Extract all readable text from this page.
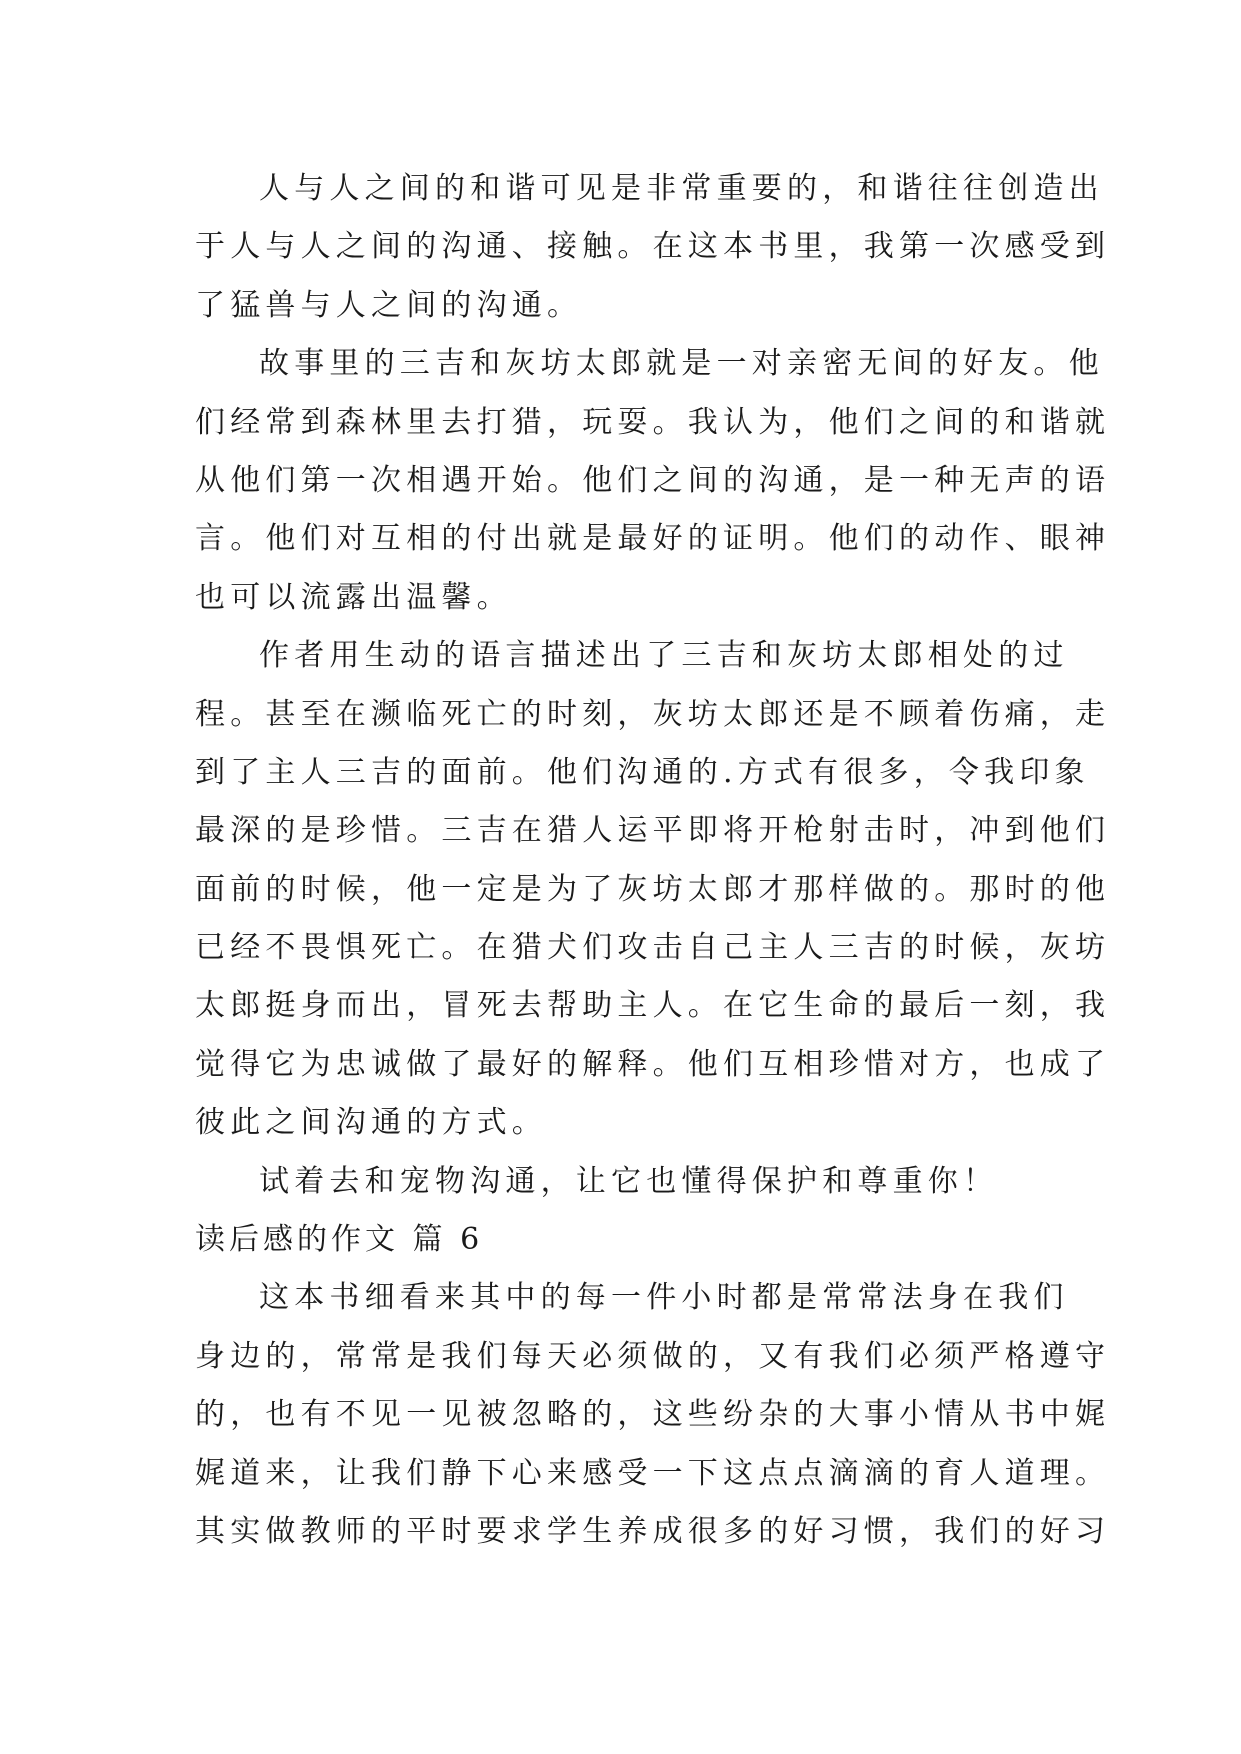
人与人之间的和谐可见是非常重要的，和谐往往创造出
于人与人之间的沟通、接触。在这本书里，我第一次感受到
了猛兽与人之间的沟通。
故事里的三吉和灰坊太郎就是一对亲密无间的好友。他
们经常到森林里去打猎，玩耍。我认为，他们之间的和谐就
从他们第一次相遇开始。他们之间的沟通，是一种无声的语
言。他们对互相的付出就是最好的证明。他们的动作、眼神
也可以流露出温馨。
作者用生动的语言描述出了三吉和灰坊太郎相处的过
程。甚至在濒临死亡的时刻，灰坊太郎还是不顾着伤痛，走
到了主人三吉的面前。他们沟通的.方式有很多，令我印象
最深的是珍惜。三吉在猎人运平即将开枪射击时，冲到他们
面前的时候，他一定是为了灰坊太郎才那样做的。那时的他
已经不畏惧死亡。在猎犬们攻击自己主人三吉的时候，灰坊
太郎挺身而出，冒死去帮助主人。在它生命的最后一刻，我
觉得它为忠诚做了最好的解释。他们互相珍惜对方，也成了
彼此之间沟通的方式。
试着去和宠物沟通，让它也懂得保护和尊重你！
读后感的作文 篇 6
这本书细看来其中的每一件小时都是常常法身在我们
身边的，常常是我们每天必须做的，又有我们必须严格遵守
的，也有不见一见被忽略的，这些纷杂的大事小情从书中娓
娓道来，让我们静下心来感受一下这点点滴滴的育人道理。
其实做教师的平时要求学生养成很多的好习惯，我们的好习
